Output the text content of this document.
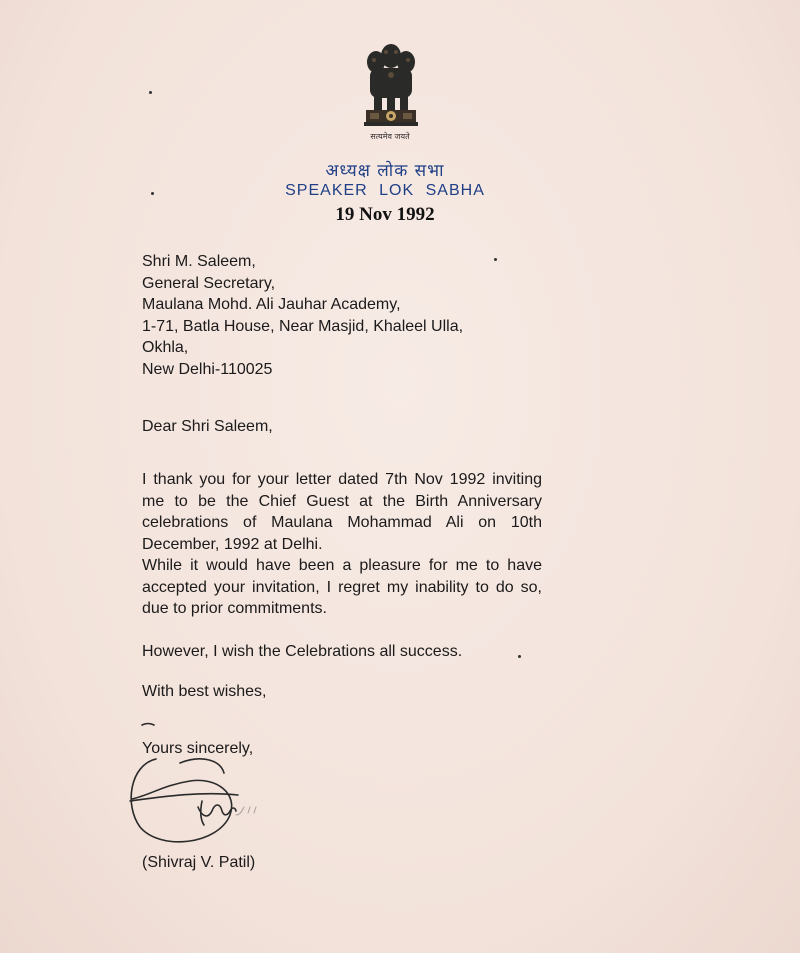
सत्यमेव जयते
अध्यक्ष लोक सभा
SPEAKER LOK SABHA
19 Nov 1992
Shri M. Saleem,
General Secretary,
Maulana Mohd. Ali Jauhar Academy,
1-71, Batla House, Near Masjid, Khaleel Ulla,
Okhla,
New Delhi-110025
Dear Shri Saleem,
I thank you for your letter dated 7th Nov 1992 inviting me to be the Chief Guest at the Birth Anniversary celebrations of Maulana Mohammad Ali on 10th December, 1992 at Delhi.
While it would have been a pleasure for me to have accepted your invitation, I regret my inability to do so, due to prior commitments.
However, I wish the Celebrations all success.
With best wishes,
Yours sincerely,
(Shivraj V. Patil)
